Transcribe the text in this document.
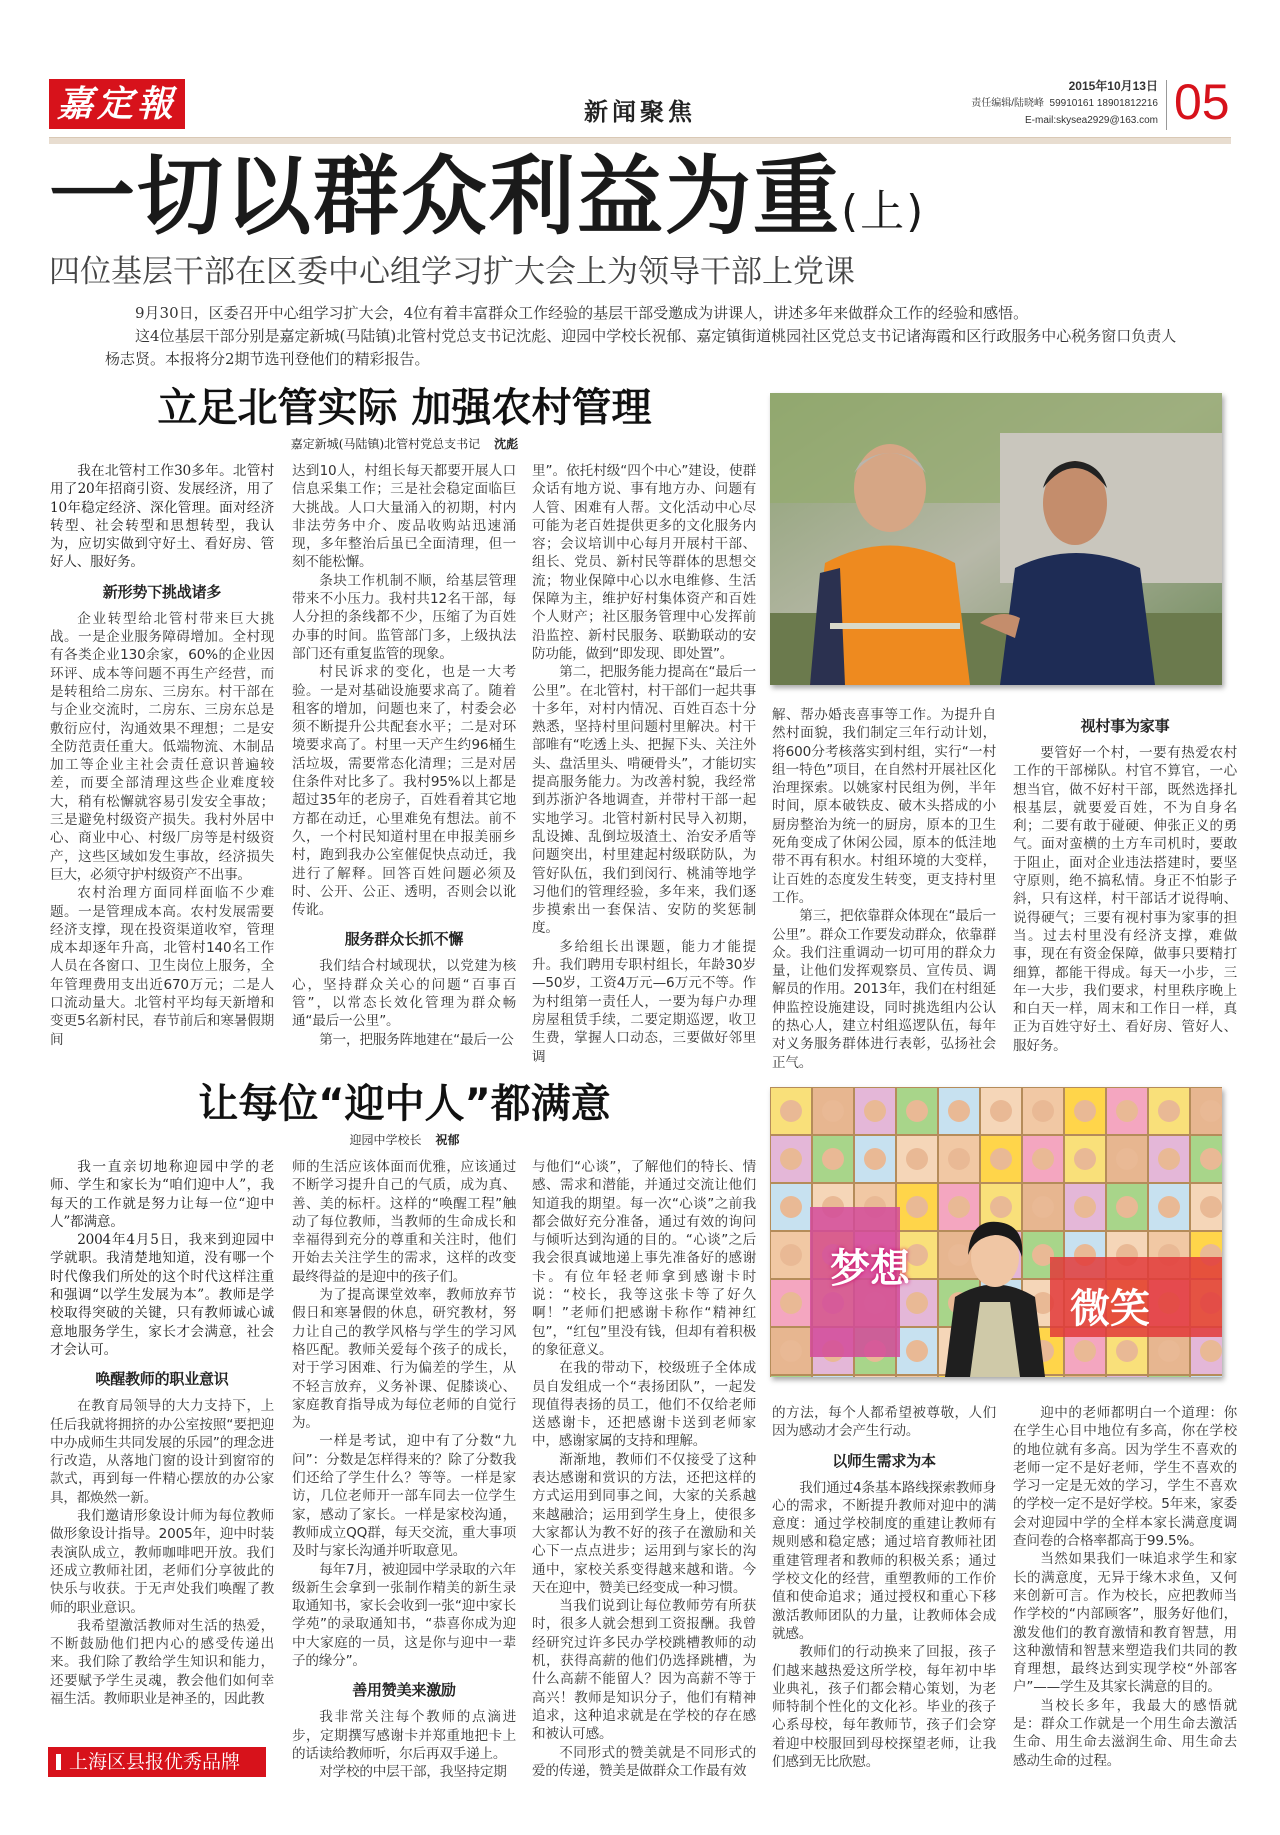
嘉定報	新闻聚焦
2015年10月13日
责任编辑/陆晓峰 59910161 18901812216
E-mail:skysea2929@163.com 05
一切以群众利益为重(上)
四位基层干部在区委中心组学习扩大会上为领导干部上党课

9月30日，区委召开中心组学习扩大会，4位有着丰富群众工作经验的基层干部受邀成为讲课人，讲述多年来做群众工作的经验和感悟。

这4位基层干部分别是嘉定新城(马陆镇)北管村党总支书记沈彪、迎园中学校长祝郁、嘉定镇街道桃园社区党总支书记诸海霞和区行政服务中心税务窗口负责人杨志贤。本报将分2期节选刊登他们的精彩报告。

立足北管实际 加强农村管理
嘉定新城(马陆镇)北管村党总支书记 沈彪

我在北管村工作30多年。北管村用了20年招商引资、发展经济，用了10年稳定经济、深化管理。面对经济转型、社会转型和思想转型，我认为，应切实做到守好土、看好房、管好人、服好务。

新形势下挑战诸多

企业转型给北管村带来巨大挑战。一是企业服务障碍增加。全村现有各类企业130余家，60%的企业因环评、成本等问题不再生产经营，而是转租给二房东、三房东。村干部在与企业交流时，二房东、三房东总是敷衍应付，沟通效果不理想；二是安全防范责任重大。低端物流、木制品加工等企业主社会责任意识普遍较差，而要全部清理这些企业难度较大，稍有松懈就容易引发安全事故；三是避免村级资产损失。我村外居中心、商业中心、村级厂房等是村级资产，这些区域如发生事故，经济损失巨大，必须守护村级资产不出事。

农村治理方面同样面临不少难题。一是管理成本高。农村发展需要经济支撑，现在投资渠道收窄，管理成本却逐年升高，北管村140名工作人员在各窗口、卫生岗位上服务，全年管理费用支出近670万元；二是人口流动量大。北管村平均每天新增和变更5名新村民，春节前后和寒暑假期间

达到10人，村组长每天都要开展人口信息采集工作；三是社会稳定面临巨大挑战。人口大量涌入的初期，村内非法劳务中介、废品收购站迅速涌现，多年整治后虽已全面清理，但一刻不能松懈。

条块工作机制不顺，给基层管理带来不小压力。我村共12名干部，每人分担的条线都不少，压缩了为百姓办事的时间。监管部门多，上级执法部门还有重复监管的现象。

村民诉求的变化，也是一大考验。一是对基础设施要求高了。随着租客的增加，问题也来了，村委会必须不断提升公共配套水平；二是对环境要求高了。村里一天产生约96桶生活垃圾，需要常态化清理；三是对居住条件对比多了。我村95%以上都是超过35年的老房子，百姓看着其它地方都在动迁，心里难免有想法。前不久，一个村民知道村里在申报美丽乡村，跑到我办公室催促快点动迁，我进行了解释。回答百姓问题必须及时、公开、公正、透明，否则会以讹传讹。

服务群众长抓不懈

我们结合村域现状，以党建为核心，坚持群众关心的问题“百事百管”，以常态长效化管理为群众畅通“最后一公里”。

第一，把服务阵地建在“最后一公

里”。依托村级“四个中心”建设，使群众话有地方说、事有地方办、问题有人管、困难有人帮。文化活动中心尽可能为老百姓提供更多的文化服务内容；会议培训中心每月开展村干部、组长、党员、新村民等群体的思想交流；物业保障中心以水电维修、生活保障为主，维护好村集体资产和百姓个人财产；社区服务管理中心发挥前沿监控、新村民服务、联勤联动的安防功能，做到“即发现、即处置”。

第二，把服务能力提高在“最后一公里”。在北管村，村干部们一起共事十多年，对村内情况、百姓百态十分熟悉，坚持村里问题村里解决。村干部唯有“吃透上头、把握下头、关注外头、盘活里头、啃硬骨头”，才能切实提高服务能力。为改善村貌，我经常到苏浙沪各地调查，并带村干部一起实地学习。北管村新村民导入初期，乱设摊、乱倒垃圾渣土、治安矛盾等问题突出，村里建起村级联防队，为管好队伍，我们到闵行、桃浦等地学习他们的管理经验，多年来，我们逐步摸索出一套保洁、安防的奖惩制度。

多给组长出课题，能力才能提升。我们聘用专职村组长，年龄30岁—50岁，工资4万元—6万元不等。作为村组第一责任人，一要为每户办理房屋租赁手续，二要定期巡逻，收卫生费，掌握人口动态，三要做好邻里调

解、帮办婚丧喜事等工作。为提升自然村面貌，我们制定三年行动计划，将600分考核落实到村组，实行“一村组一特色”项目，在自然村开展社区化治理探索。以姚家村民组为例，半年时间，原本破铁皮、破木头搭成的小厨房整治为统一的厨房，原本的卫生死角变成了休闲公园，原本的低洼地带不再有积水。村组环境的大变样，让百姓的态度发生转变，更支持村里工作。

第三，把依靠群众体现在“最后一公里”。群众工作要发动群众，依靠群众。我们注重调动一切可用的群众力量，让他们发挥观察员、宣传员、调解员的作用。2013年，我们在村组延伸监控设施建设，同时挑选组内公认的热心人，建立村组巡逻队伍，每年对义务服务群体进行表彰，弘扬社会正气。

视村事为家事

要管好一个村，一要有热爱农村工作的干部梯队。村官不算官，一心想当官，做不好村干部，既然选择扎根基层，就要爱百姓，不为自身名利；二要有敢于碰硬、伸张正义的勇气。面对蛮横的土方车司机时，要敢于阻止，面对企业违法搭建时，要坚守原则，绝不搞私情。身正不怕影子斜，只有这样，村干部话才说得响、说得硬气；三要有视村事为家事的担当。过去村里没有经济支撑，难做事，现在有资金保障，做事只要精打细算，都能干得成。每天一小步，三年一大步，我们要求，村里秩序晚上和白天一样，周末和工作日一样，真正为百姓守好土、看好房、管好人、服好务。

让每位“迎中人”都满意
迎园中学校长 祝郁

我一直亲切地称迎园中学的老师、学生和家长为“咱们迎中人”，我每天的工作就是努力让每一位“迎中人”都满意。

2004年4月5日，我来到迎园中学就职。我清楚地知道，没有哪一个时代像我们所处的这个时代这样注重和强调“以学生发展为本”。教师是学校取得突破的关键，只有教师诚心诚意地服务学生，家长才会满意，社会才会认可。

唤醒教师的职业意识

在教育局领导的大力支持下，上任后我就将拥挤的办公室按照“要把迎中办成师生共同发展的乐园”的理念进行改造，从落地门窗的设计到窗帘的款式，再到每一件精心摆放的办公家具，都焕然一新。

我们邀请形象设计师为每位教师做形象设计指导。2005年，迎中时装表演队成立，教师咖啡吧开放。我们还成立教师社团，老师们分享彼此的快乐与收获。于无声处我们唤醒了教师的职业意识。

我希望激活教师对生活的热爱，不断鼓励他们把内心的感受传递出来。我们除了教给学生知识和能力，还要赋予学生灵魂，教会他们如何幸福生活。教师职业是神圣的，因此教

师的生活应该体面而优雅，应该通过不断学习提升自己的气质，成为真、善、美的标杆。这样的“唤醒工程”触动了每位教师，当教师的生命成长和幸福得到充分的尊重和关注时，他们开始去关注学生的需求，这样的改变最终得益的是迎中的孩子们。

为了提高课堂效率，教师放弃节假日和寒暑假的休息，研究教材，努力让自己的教学风格与学生的学习风格匹配。教师关爱每个孩子的成长，对于学习困难、行为偏差的学生，从不轻言放弃，义务补课、促膝谈心、家庭教育指导成为每位老师的自觉行为。

一样是考试，迎中有了分数“九问”：分数是怎样得来的？除了分数我们还给了学生什么？等等。一样是家访，几位老师开一部车同去一位学生家，感动了家长。一样是家校沟通，教师成立QQ群，每天交流，重大事项及时与家长沟通并听取意见。

每年7月，被迎园中学录取的六年级新生会拿到一张制作精美的新生录取通知书，家长会收到一张“迎中家长学苑”的录取通知书，“恭喜你成为迎中大家庭的一员，这是你与迎中一辈子的缘分”。

善用赞美来激励

我非常关注每个教师的点滴进步，定期撰写感谢卡并郑重地把卡上的话读给教师听，尔后再双手递上。

对学校的中层干部，我坚持定期

与他们“心谈”，了解他们的特长、情感、需求和潜能，并通过交流让他们知道我的期望。每一次“心谈”之前我都会做好充分准备，通过有效的询问与倾听达到沟通的目的。“心谈”之后我会很真诚地递上事先准备好的感谢卡。有位年轻老师拿到感谢卡时说：“校长，我等这张卡等了好久啊！”老师们把感谢卡称作“精神红包”，“红包”里没有钱，但却有着积极的象征意义。

在我的带动下，校级班子全体成员自发组成一个“表扬团队”，一起发现值得表扬的员工，他们不仅给老师送感谢卡，还把感谢卡送到老师家中，感谢家属的支持和理解。

渐渐地，教师们不仅接受了这种表达感谢和赏识的方法，还把这样的方式运用到同事之间，大家的关系越来越融洽；运用到学生身上，使很多大家都认为教不好的孩子在激励和关心下一点点进步；运用到与家长的沟通中，家校关系变得越来越和谐。今天在迎中，赞美已经变成一种习惯。

当我们说到让每位教师劳有所获时，很多人就会想到工资报酬。我曾经研究过许多民办学校跳槽教师的动机，获得高薪的他们仍选择跳槽，为什么高薪不能留人？因为高薪不等于高兴！教师是知识分子，他们有精神追求，这种追求就是在学校的存在感和被认可感。

不同形式的赞美就是不同形式的爱的传递，赞美是做群众工作最有效

的方法，每个人都希望被尊敬，人们因为感动才会产生行动。

以师生需求为本

我们通过4条基本路线探索教师身心的需求，不断提升教师对迎中的满意度：通过学校制度的重建让教师有规则感和稳定感；通过培育教师社团重建管理者和教师的积极关系；通过学校文化的经营，重塑教师的工作价值和使命追求；通过授权和重心下移激活教师团队的力量，让教师体会成就感。

教师们的行动换来了回报，孩子们越来越热爱这所学校，每年初中毕业典礼，孩子们都会精心策划，为老师特制个性化的文化衫。毕业的孩子心系母校，每年教师节，孩子们会穿着迎中校服回到母校探望老师，让我们感到无比欣慰。

迎中的老师都明白一个道理：你在学生心目中地位有多高，你在学校的地位就有多高。因为学生不喜欢的老师一定不是好老师，学生不喜欢的学习一定是无效的学习，学生不喜欢的学校一定不是好学校。5年来，家委会对迎园中学的全样本家长满意度调查问卷的合格率都高于99.5%。

当然如果我们一味追求学生和家长的满意度，无异于缘木求鱼，又何来创新可言。作为校长，应把教师当作学校的“内部顾客”，服务好他们，激发他们的教育激情和教育智慧，用这种激情和智慧来塑造我们共同的教育理想，最终达到实现学校“外部客户”——学生及其家长满意的目的。

当校长多年，我最大的感悟就是：群众工作就是一个用生命去激活生命、用生命去滋润生命、用生命去感动生命的过程。

梦想
微笑
上海区县报优秀品牌
